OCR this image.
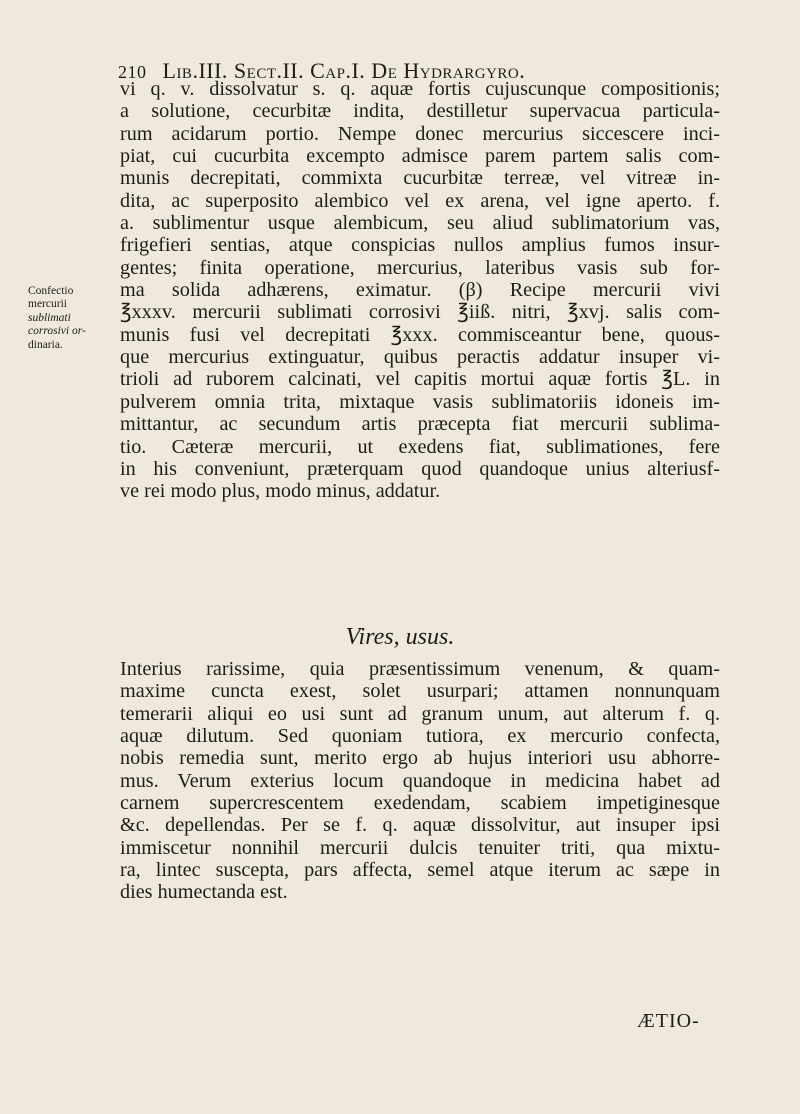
210 Lib.III. Sect.II. Cap.I. De Hydrargyro.
Confectio
mercurii
sublimati
corrosivi or-
dinaria.
vi q. v. dissolvatur s. q. aquæ fortis cujuscunque compositionis;
a solutione, cecurbitæ indita, destilletur supervacua particula-
rum acidarum portio. Nempe donec mercurius siccescere inci-
piat, cui cucurbita excempto admisce parem partem salis com-
munis decrepitati, commixta cucurbitæ terreæ, vel vitreæ in-
dita, ac superposito alembico vel ex arena, vel igne aperto. f.
a. sublimentur usque alembicum, seu aliud sublimatorium vas,
frigefieri sentias, atque conspicias nullos amplius fumos insur-
gentes; finita operatione, mercurius, lateribus vasis sub for-
ma solida adhærens, eximatur. (β) Recipe mercurii vivi
℥xxxv. mercurii sublimati corrosivi ℥iiß. nitri, ℥xvj. salis com-
munis fusi vel decrepitati ℥xxx. commisceantur bene, quous-
que mercurius extinguatur, quibus peractis addatur insuper vi-
trioli ad ruborem calcinati, vel capitis mortui aquæ fortis ℥L. in
pulverem omnia trita, mixtaque vasis sublimatoriis idoneis im-
mittantur, ac secundum artis præcepta fiat mercurii sublima-
tio. Cæteræ mercurii, ut exedens fiat, sublimationes, fere
in his conveniunt, præterquam quod quandoque unius alteriusf-
ve rei modo plus, modo minus, addatur.
Vires, usus.
Interius rarissime, quia præsentissimum venenum, & quam-
maxime cuncta exest, solet usurpari; attamen nonnunquam
temerarii aliqui eo usi sunt ad granum unum, aut alterum f. q.
aquæ dilutum. Sed quoniam tutiora, ex mercurio confecta,
nobis remedia sunt, merito ergo ab hujus interiori usu abhorre-
mus. Verum exterius locum quandoque in medicina habet ad
carnem supercrescentem exedendam, scabiem impetiginesque
&c. depellendas. Per se f. q. aquæ dissolvitur, aut insuper ipsi
immiscetur nonnihil mercurii dulcis tenuiter triti, qua mixtu-
ra, lintec suscepta, pars affecta, semel atque iterum ac sæpe in
dies humectanda est.
ÆTIO-
